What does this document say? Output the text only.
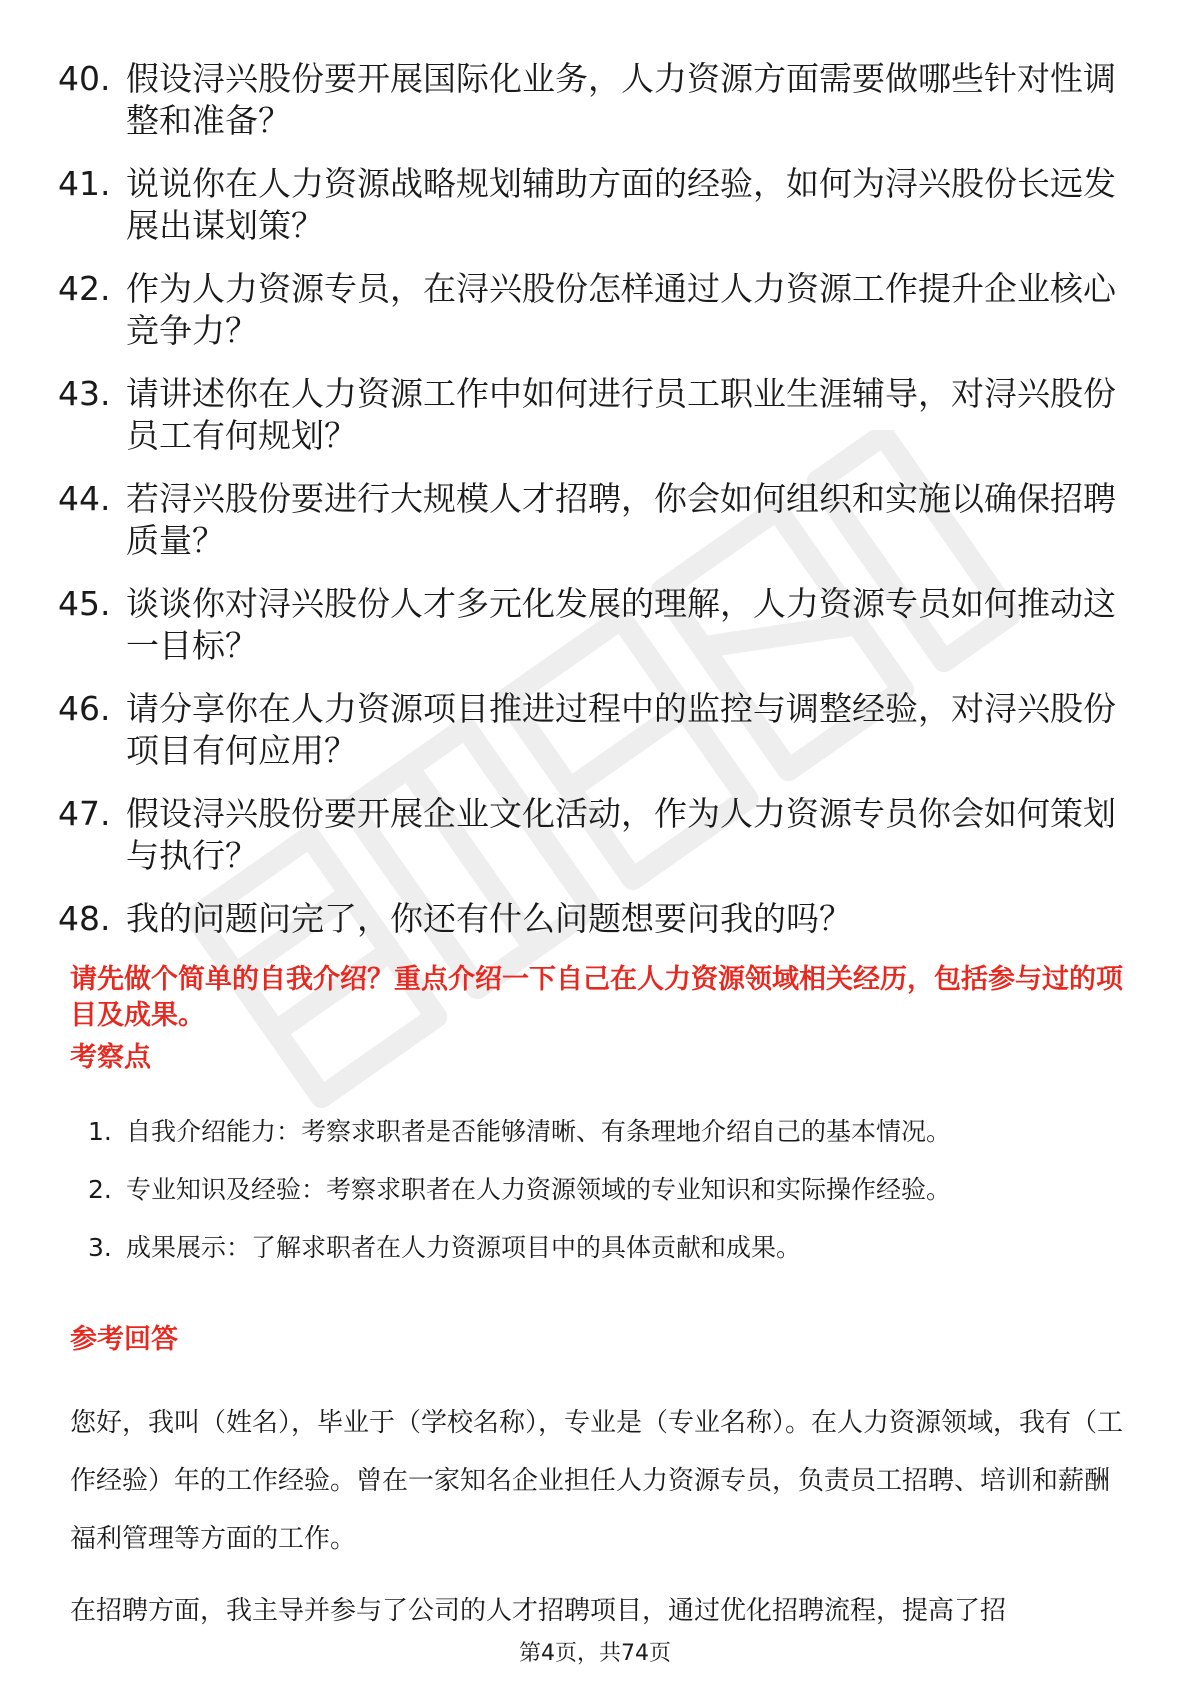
40. 假设浔兴股份要开展国际化业务，人力资源方面需要做哪些针对性调整和准备？
41. 说说你在人力资源战略规划辅助方面的经验，如何为浔兴股份长远发展出谋划策？
42. 作为人力资源专员，在浔兴股份怎样通过人力资源工作提升企业核心竞争力？
43. 请讲述你在人力资源工作中如何进行员工职业生涯辅导，对浔兴股份员工有何规划？
44. 若浔兴股份要进行大规模人才招聘，你会如何组织和实施以确保招聘质量？
45. 谈谈你对浔兴股份人才多元化发展的理解，人力资源专员如何推动这一目标？
46. 请分享你在人力资源项目推进过程中的监控与调整经验，对浔兴股份项目有何应用？
47. 假设浔兴股份要开展企业文化活动，作为人力资源专员你会如何策划与执行？
48. 我的问题问完了，你还有什么问题想要问我的吗？
请先做个简单的自我介绍？重点介绍一下自己在人力资源领域相关经历，包括参与过的项目及成果。
考察点
1. 自我介绍能力：考察求职者是否能够清晰、有条理地介绍自己的基本情况。
2. 专业知识及经验：考察求职者在人力资源领域的专业知识和实际操作经验。
3. 成果展示：了解求职者在人力资源项目中的具体贡献和成果。
参考回答
您好，我叫（姓名），毕业于（学校名称），专业是（专业名称）。在人力资源领域，我有（工作经验）年的工作经验。曾在一家知名企业担任人力资源专员，负责员工招聘、培训和薪酬福利管理等方面的工作。
在招聘方面，我主导并参与了公司的人才招聘项目，通过优化招聘流程，提高了招
第4页，共74页
